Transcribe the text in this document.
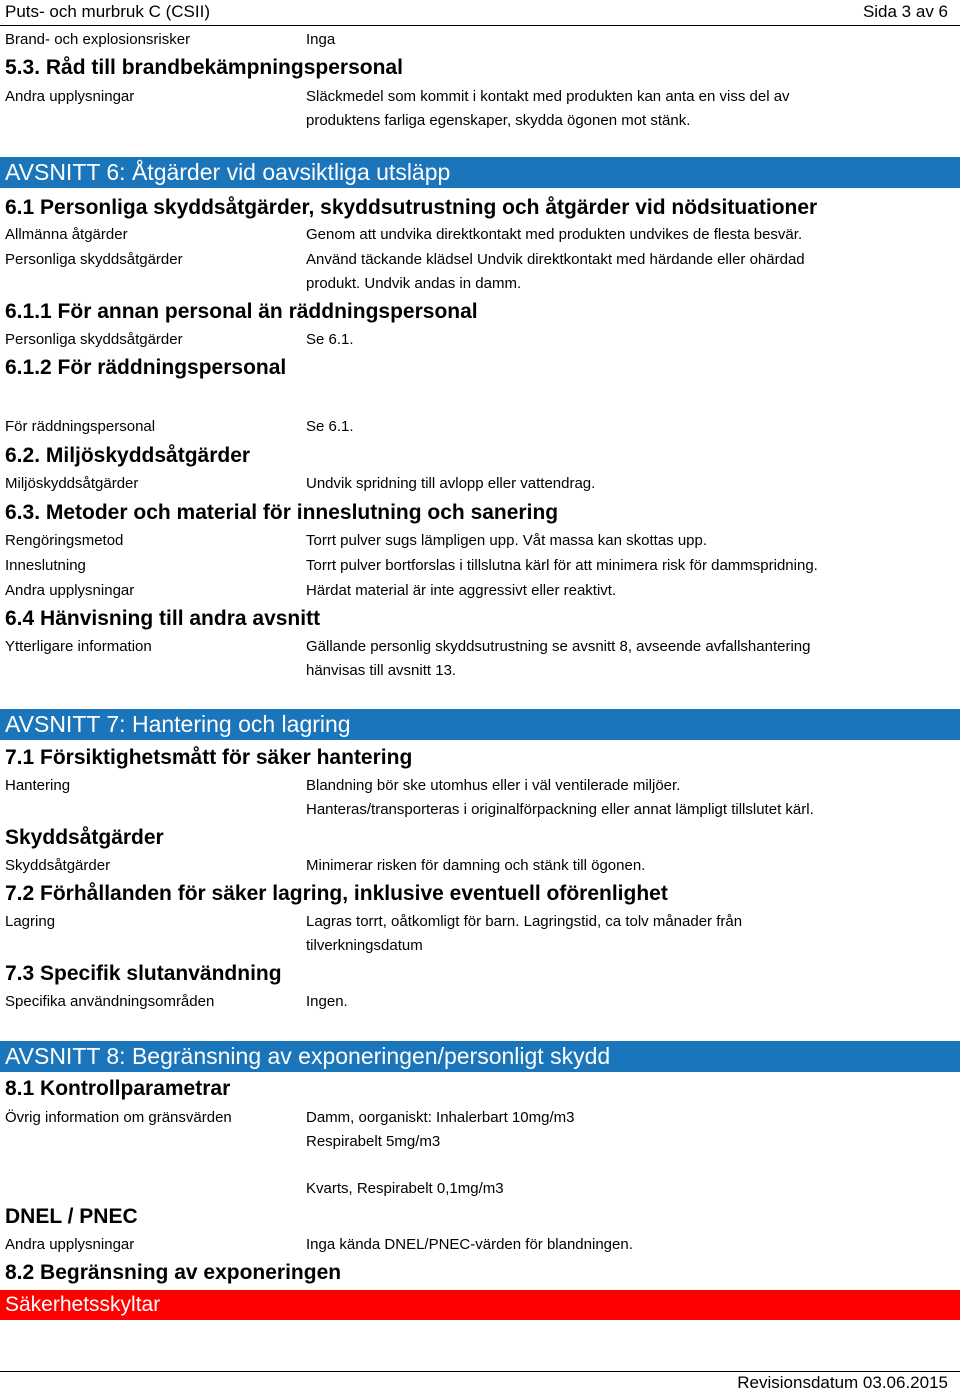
Puts- och murbruk C (CSII)	Sida 3 av 6
Brand- och explosionsrisker	Inga
5.3. Råd till brandbekämpningspersonal
Andra upplysningar	Släckmedel som kommit i kontakt med produkten kan anta en viss del av
produktens farliga egenskaper, skydda ögonen mot stänk.
AVSNITT 6: Åtgärder vid oavsiktliga utsläpp
6.1 Personliga skyddsåtgärder, skyddsutrustning och åtgärder vid nödsituationer
Allmänna åtgärder	Genom att undvika direktkontakt med produkten undvikes de flesta besvär.
Personliga skyddsåtgärder	Använd täckande klädsel Undvik direktkontakt med härdande eller ohärdad
produkt. Undvik andas in damm.
6.1.1 För annan personal än räddningspersonal
Personliga skyddsåtgärder	Se 6.1.
6.1.2 För räddningspersonal
För räddningspersonal	Se 6.1.
6.2. Miljöskyddsåtgärder
Miljöskyddsåtgärder	Undvik spridning till avlopp eller vattendrag.
6.3. Metoder och material för inneslutning och sanering
Rengöringsmetod	Torrt pulver sugs lämpligen upp. Våt massa kan skottas upp.
Inneslutning	Torrt pulver bortforslas i tillslutna kärl för att minimera risk för dammspridning.
Andra upplysningar	Härdat material är inte aggressivt eller reaktivt.
6.4 Hänvisning till andra avsnitt
Ytterligare information	Gällande personlig skyddsutrustning se avsnitt 8, avseende avfallshantering
hänvisas till avsnitt 13.
AVSNITT 7: Hantering och lagring
7.1 Försiktighetsmått för säker hantering
Hantering	Blandning bör ske utomhus eller i väl ventilerade miljöer.
Hanteras/transporteras i originalförpackning eller annat lämpligt tillslutet kärl.
Skyddsåtgärder
Skyddsåtgärder	Minimerar risken för damning och stänk till ögonen.
7.2 Förhållanden för säker lagring, inklusive eventuell oförenlighet
Lagring	Lagras torrt, oåtkomligt för barn. Lagringstid, ca tolv månader från
tilverkningsdatum
7.3 Specifik slutanvändning
Specifika användningsområden	Ingen.
AVSNITT 8: Begränsning av exponeringen/personligt skydd
8.1 Kontrollparametrar
Övrig information om gränsvärden	Damm, oorganiskt: Inhalerbart 10mg/m3
Respirabelt 5mg/m3
Kvarts, Respirabelt 0,1mg/m3
DNEL / PNEC
Andra upplysningar	Inga kända DNEL/PNEC-värden för blandningen.
8.2 Begränsning av exponeringen
Säkerhetsskyltar
Revisionsdatum 03.06.2015
